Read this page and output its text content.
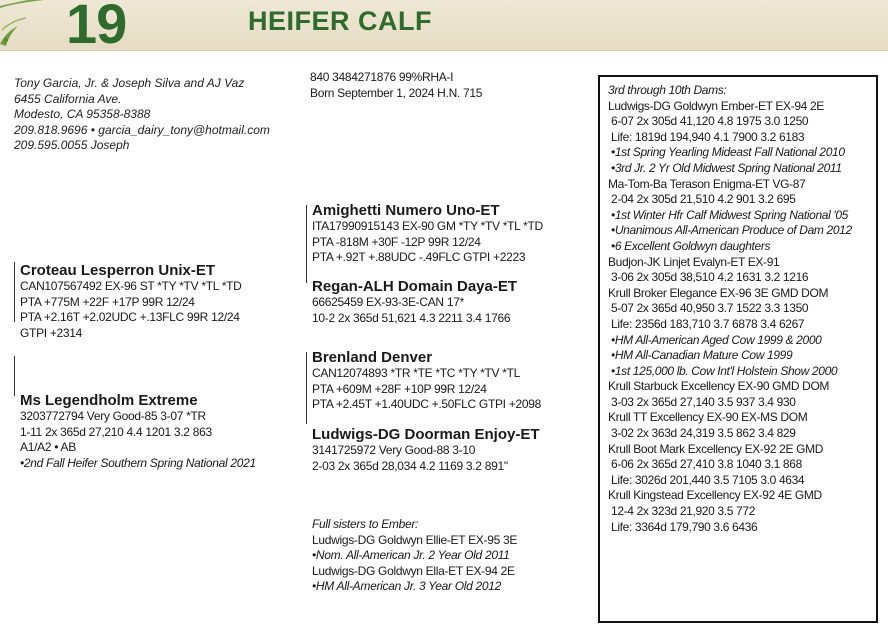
19	HEIFER CALF
Tony Garcia, Jr. & Joseph Silva and AJ Vaz
6455 California Ave.
Modesto, CA 95358-8388
209.818.9696 • garcia_dairy_tony@hotmail.com
209.595.0055 Joseph
840 3484271876 99%RHA-I
Born September 1, 2024 H.N. 715
Croteau Lesperron Unix-ET
CAN107567492 EX-96 ST *TY *TV *TL *TD
PTA +775M +22F +17P 99R 12/24
PTA +2.16T +2.02UDC +.13FLC 99R 12/24
GTPI +2314
Ms Legendholm Extreme
3203772794 Very Good-85 3-07 *TR
1-11 2x 365d 27,210 4.4 1201 3.2 863
A1/A2 • AB
•2nd Fall Heifer Southern Spring National 2021
Amighetti Numero Uno-ET
ITA17990915143 EX-90 GM *TY *TV *TL *TD
PTA -818M +30F -12P 99R 12/24
PTA +.92T +.88UDC -.49FLC GTPI +2223
Regan-ALH Domain Daya-ET
66625459 EX-93-3E-CAN 17*
10-2 2x 365d 51,621 4.3 2211 3.4 1766
Brenland Denver
CAN12074893 *TR *TE *TC *TY *TV *TL
PTA +609M +28F +10P 99R 12/24
PTA +2.45T +1.40UDC +.50FLC GTPI +2098
Ludwigs-DG Doorman Enjoy-ET
3141725972 Very Good-88 3-10
2-03 2x 365d 28,034 4.2 1169 3.2 891"
Full sisters to Ember:
Ludwigs-DG Goldwyn Ellie-ET EX-95 3E
•Nom. All-American Jr. 2 Year Old 2011
Ludwigs-DG Goldwyn Ella-ET EX-94 2E
•HM All-American Jr. 3 Year Old 2012
3rd through 10th Dams:
Ludwigs-DG Goldwyn Ember-ET EX-94 2E
6-07 2x 305d 41,120 4.8 1975 3.0 1250
Life: 1819d 194,940 4.1 7900 3.2 6183
•1st Spring Yearling Mideast Fall National 2010
•3rd Jr. 2 Yr Old Midwest Spring National 2011
Ma-Tom-Ba Terason Enigma-ET VG-87
2-04 2x 305d 21,510 4.2 901 3.2 695
•1st Winter Hfr Calf Midwest Spring National '05
•Unanimous All-American Produce of Dam 2012
•6 Excellent Goldwyn daughters
Budjon-JK Linjet Evalyn-ET EX-91
3-06 2x 305d 38,510 4.2 1631 3.2 1216
Krull Broker Elegance EX-96 3E GMD DOM
5-07 2x 365d 40,950 3.7 1522 3.3 1350
Life: 2356d 183,710 3.7 6878 3.4 6267
•HM All-American Aged Cow 1999 & 2000
•HM All-Canadian Mature Cow 1999
•1st 125,000 lb. Cow Int'l Holstein Show 2000
Krull Starbuck Excellency EX-90 GMD DOM
3-03 2x 365d 27,140 3.5 937 3.4 930
Krull TT Excellency EX-90 EX-MS DOM
3-02 2x 363d 24,319 3.5 862 3.4 829
Krull Boot Mark Excellency EX-92 2E GMD
6-06 2x 365d 27,410 3.8 1040 3.1 868
Life: 3026d 201,440 3.5 7105 3.0 4634
Krull Kingstead Excellency EX-92 4E GMD
12-4 2x 323d 21,920 3.5 772
Life: 3364d 179,790 3.6 6436
